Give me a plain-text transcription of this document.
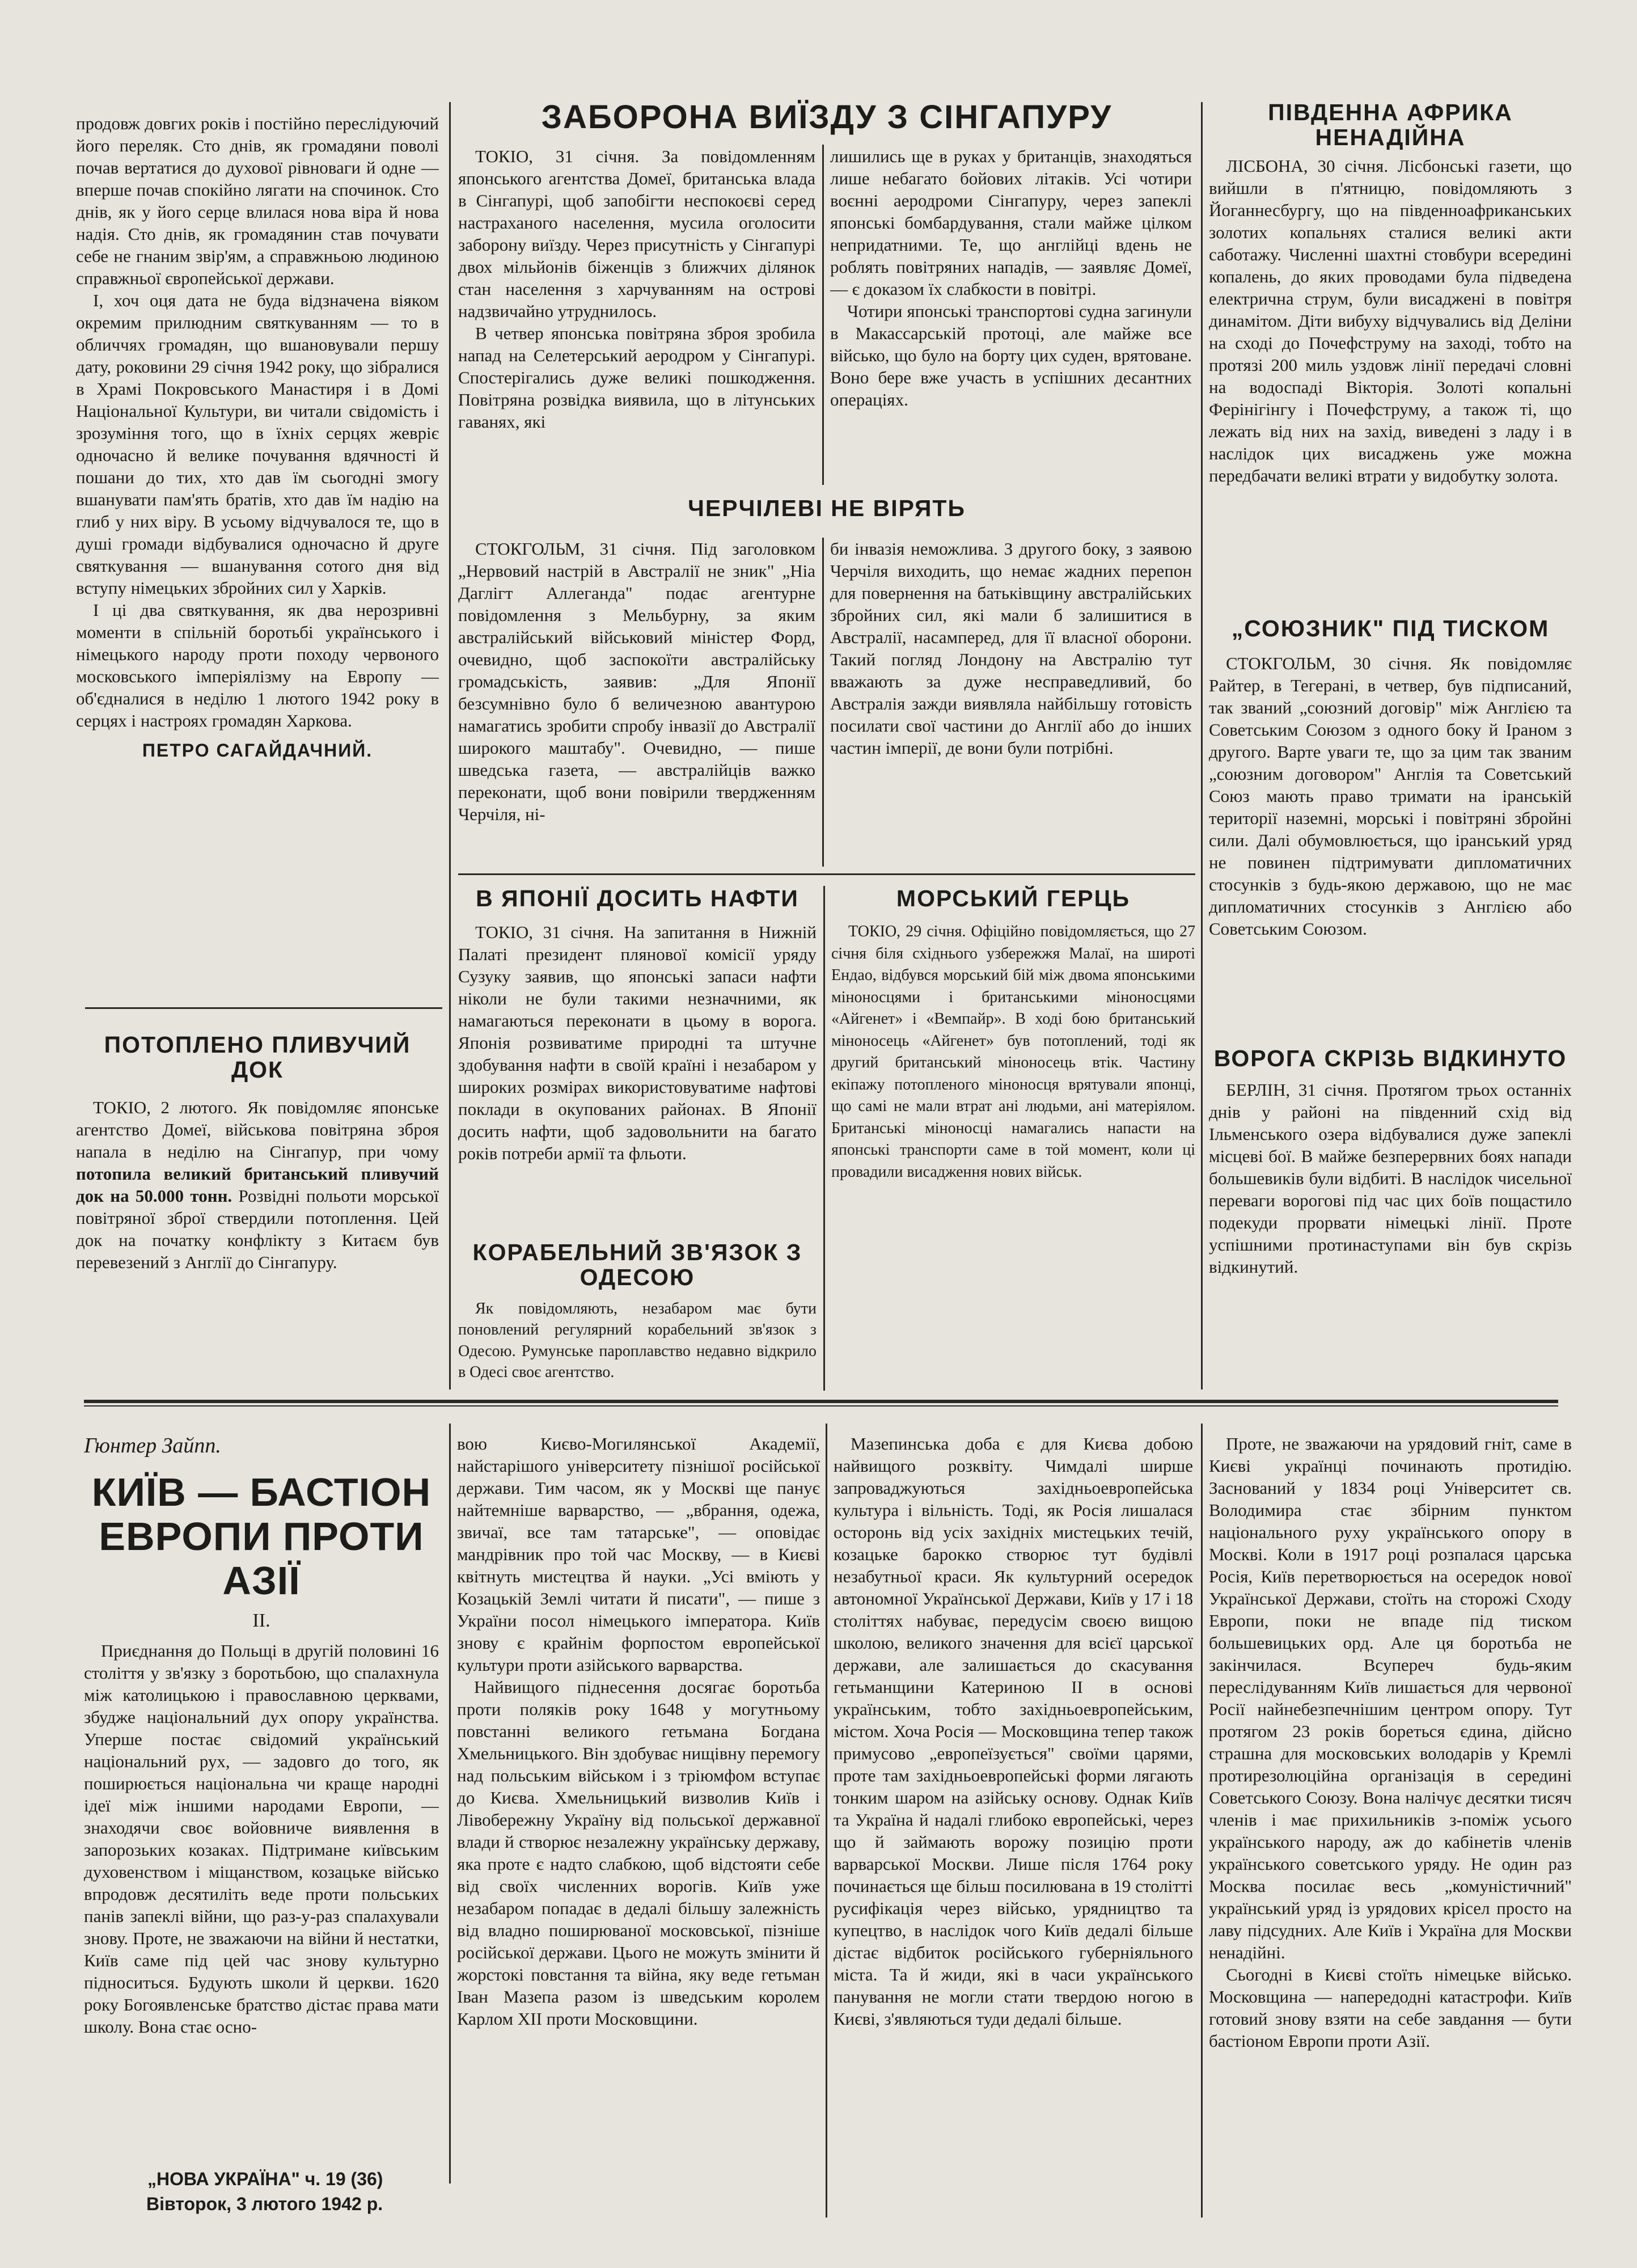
продовж довгих років і постійно переслідуючий його переляк. Сто днів, як громадяни поволі почав вертатися до духової рівноваги й одне — вперше почав спокійно лягати на спочинок. Сто днів, як у його серце влилася нова віра й нова надія. Сто днів, як громадянин став почувати себе не гнаним звір'ям, а справжньою людиною справжньої європейської держави.

І, хоч оця дата не буда відзначена віяком окремим прилюдним святкуванням — то в обличчях громадян, що вшановували першу дату, роковини 29 січня 1942 року, що зібралися в Храмі Покровського Манастиря і в Домі Національної Культури, ви читали свідомість і зрозуміння того, що в їхніх серцях жевріє одночасно й велике почування вдячності й пошани до тих, хто дав їм сьогодні змогу вшанувати пам'ять братів, хто дав їм надію на глиб у них віру. В усьому відчувалося те, що в душі громади відбувалися одночасно й друге святкування — вшанування сотого дня від вступу німецьких збройних сил у Харків.

І ці два святкування, як два нерозривні моменти в спільній боротьбі українського і німецького народу проти походу червоного московського імперіялізму на Европу — об'єдналися в неділю 1 лютого 1942 року в серцях і настроях громадян Харкова.

ПЕТРО САГАЙДАЧНИЙ.
ПОТОПЛЕНО ПЛИВУЧИЙ ДОК

ТОКІО, 2 лютого. Як повідомляє японське агентство Домеї, військова повітряна зброя напала в неділю на Сінгапур, при чому потопила великий британський пливучий док на 50.000 тонн. Розвідні польоти морської повітряної зброї ствердили потоплення. Цей док на початку конфлікту з Китаєм був перевезений з Англії до Сінгапуру.

ЗАБОРОНА ВИЇЗДУ З СІНГАПУРУ

ТОКІО, 31 січня. За повідомленням японського агентства Домеї, британська влада в Сінгапурі, щоб запобігти неспокоєві серед настраханого населення, мусила оголосити заборону виїзду. Через присутність у Сінгапурі двох мільйонів біженців з ближчих ділянок стан населення з харчуванням на острові надзвичайно утруднилось.

В четвер японська повітряна зброя зробила напад на Селетерський аеродром у Сінгапурі. Спостерігались дуже великі пошкодження. Повітряна розвідка виявила, що в літунських гаванях, які

лишились ще в руках у британців, знаходяться лише небагато бойових літаків. Усі чотири воєнні аеродроми Сінгапуру, через запеклі японські бомбардування, стали майже цілком непридатними. Те, що англійці вдень не роблять повітряних нападів, — заявляє Домеї, — є доказом їх слабкости в повітрі.

Чотири японські транспортові судна загинули в Макассарській протоці, але майже все військо, що було на борту цих суден, врятоване. Воно бере вже участь в успішних десантних операціях.

ЧЕРЧІЛЕВІ НЕ ВІРЯТЬ

СТОКГОЛЬМ, 31 січня. Під заголовком „Нервовий настрій в Австралії не зник" „Ніа Даглігт Аллеганда" подає агентурне повідомлення з Мельбурну, за яким австралійський військовий міністер Форд, очевидно, щоб заспокоїти австралійську громадськість, заявив: „Для Японії безсумнівно було б величезною авантурою намагатись зробити спробу інвазії до Австралії широкого маштабу". Очевидно, — пише шведська газета, — австралійців важко переконати, щоб вони повірили твердженням Черчіля, ні-

би інвазія неможлива. З другого боку, з заявою Черчіля виходить, що немає жадних перепон для повернення на батьківщину австралійських збройних сил, які мали б залишитися в Австралії, насамперед, для її власної оборони. Такий погляд Лондону на Австралію тут вважають за дуже несправедливий, бо Австралія зажди виявляла найбільшу готовість посилати свої частини до Англії або до інших частин імперії, де вони були потрібні.

В ЯПОНІЇ ДОСИТЬ НАФТИ

ТОКІО, 31 січня. На запитання в Нижній Палаті президент плянової комісії уряду Сузуку заявив, що японські запаси нафти ніколи не були такими незначними, як намагаються переконати в цьому в ворога. Японія розвиватиме природні та штучне здобування нафти в своїй країні і незабаром у широких розмірах використовуватиме нафтові поклади в окупованих районах. В Японії досить нафти, щоб задовольнити на багато років потреби армії та фльоти.

КОРАБЕЛЬНИЙ ЗВ'ЯЗОК З ОДЕСОЮ

Як повідомляють, незабаром має бути поновлений регулярний корабельний зв'язок з Одесою. Румунське пароплавство недавно відкрило в Одесі своє агентство.

МОРСЬКИЙ ГЕРЦЬ

ТОКІО, 29 січня. Офіційно повідомляється, що 27 січня біля східнього узбережжя Малаї, на широті Ендао, відбувся морський бій між двома японськими міноносцями і британськими міноносцями «Айгенет» і «Вемпайр». В ході бою британський міноносець «Айгенет» був потоплений, тоді як другий британський міноносець втік. Частину екіпажу потопленого міноносця врятували японці, що самі не мали втрат ані людьми, ані матеріялом. Британські міноносці намагались напасти на японські транспорти саме в той момент, коли ці провадили висадження нових військ.

ПІВДЕННА АФРИКА НЕНАДІЙНА

ЛІСБОНА, 30 січня. Лісбонські газети, що вийшли в п'ятницю, повідомляють з Йоганнесбургу, що на південноафриканських золотих копальнях сталися великі акти саботажу. Численні шахтні стовбури всередині копалень, до яких проводами була підведена електрична струм, були висаджені в повітря динамітом. Діти вибуху відчувались від Деліни на сході до Почефструму на заході, тобто на протязі 200 миль уздовж лінії передачі словні на водоспаді Вікторія. Золоті копальні Ферінігінгу і Почефструму, а також ті, що лежать від них на захід, виведені з ладу і в наслідок цих висаджень уже можна передбачати великі втрати у видобутку золота.

„СОЮЗНИК" ПІД ТИСКОМ

СТОКГОЛЬМ, 30 січня. Як повідомляє Райтер, в Тегерані, в четвер, був підписаний, так званий „союзний договір" між Англією та Советським Союзом з одного боку й Іраном з другого. Варте уваги те, що за цим так званим „союзним договором" Англія та Советський Союз мають право тримати на іранській території наземні, морські і повітряні збройні сили. Далі обумовлюється, що іранський уряд не повинен підтримувати дипломатичних стосунків з будь-якою державою, що не має дипломатичних стосунків з Англією або Советським Союзом.

ВОРОГА СКРІЗЬ ВІДКИНУТО

БЕРЛІН, 31 січня. Протягом трьох останніх днів у районі на південний схід від Ільменського озера відбувалися дуже запеклі місцеві бої. В майже безперервних боях напади большевиків були відбиті. В наслідок чисельної переваги ворогові під час цих боїв пощастило подекуди прорвати німецькі лінії. Проте успішними протинаступами він був скрізь відкинутий.

Гюнтер Зайпп.
КИЇВ — БАСТІОН ЕВРОПИ ПРОТИ АЗІЇ
II.

Приєднання до Польщі в другій половині 16 століття у зв'язку з боротьбою, що спалахнула між католицькою і православною церквами, збудже національний дух опору українства. Уперше постає свідомий український національний рух, — задовго до того, як поширюється національна чи краще народні ідеї між іншими народами Европи, — знаходячи своє войовниче виявлення в запорозьких козаках. Підтримане київським духовенством і міщанством, козацьке військо впродовж десятиліть веде проти польських панів запеклі війни, що раз-у-раз спалахували знову. Проте, не зважаючи на війни й нестатки, Київ саме під цей час знову культурно підноситься. Будують школи й церкви. 1620 року Богоявленське братство дістає права мати школу. Вона стає осно-

вою Києво-Могилянської Академії, найстарішого університету пізнішої російської держави. Тим часом, як у Москві ще панує найтемніше варварство, — „вбрання, одежа, звичаї, все там татарське", — оповідає мандрівник про той час Москву, — в Києві квітнуть мистецтва й науки. „Усі вміють у Козацькій Землі читати й писати", — пише з України посол німецького імператора. Київ знову є крайнім форпостом европейської культури проти азійського варварства.

Найвищого піднесення досягає боротьба проти поляків року 1648 у могутньому повстанні великого гетьмана Богдана Хмельницького. Він здобуває нищівну перемогу над польським військом і з тріюмфом вступає до Києва. Хмельницький визволив Київ і Лівобережну Україну від польської державної влади й створює незалежну українську державу, яка проте є надто слабкою, щоб відстояти себе від своїх численних ворогів. Київ уже незабаром попадає в дедалі більшу залежність від владно поширюваної московської, пізніше російської держави. Цього не можуть змінити й жорстокі повстання та війна, яку веде гетьман Іван Мазепа разом із шведським королем Карлом XII проти Московщини.

Мазепинська доба є для Києва добою найвищого розквіту. Чимдалі ширше запроваджуються західньоевропейська культура і вільність. Тоді, як Росія лишалася осторонь від усіх західніх мистецьких течій, козацьке барокко створює тут будівлі незабутньої краси. Як культурний осередок автономної Української Держави, Київ у 17 і 18 століттях набуває, передусім своєю вищою школою, великого значення для всієї царської держави, але залишається до скасування гетьманщини Катериною II в основі українським, тобто західньоевропейським, містом. Хоча Росія — Московщина тепер також примусово „европеїзується" своїми царями, проте там західньоевропейські форми лягають тонким шаром на азійську основу. Однак Київ та Україна й надалі глибоко европейські, через що й займають ворожу позицію проти варварської Москви. Лише після 1764 року починається ще більш посилювана в 19 столітті русифікація через військо, урядництво та купецтво, в наслідок чого Київ дедалі більше дістає відбиток російського губерніяльного міста. Та й жиди, які в часи українського панування не могли стати твердою ногою в Києві, з'являються туди дедалі більше.

Проте, не зважаючи на урядовий гніт, саме в Києві українці починають протидію. Заснований у 1834 році Університет св. Володимира стає збірним пунктом національного руху українського опору в Москві. Коли в 1917 році розпалася царська Росія, Київ перетворюється на осередок нової Української Держави, стоїть на сторожі Сходу Европи, поки не впаде під тиском большевицьких орд. Але ця боротьба не закінчилася. Всупереч будь-яким переслідуванням Київ лишається для червоної Росії найнебезпечнішим центром опору. Тут протягом 23 років бореться єдина, дійсно страшна для московських володарів у Кремлі протирезолюційна організація в середині Советського Союзу. Вона налічує десятки тисяч членів і має прихильників з-поміж усього українського народу, аж до кабінетів членів українського советського уряду. Не один раз Москва посилає весь „комуністичний" український уряд із урядових крісел просто на лаву підсудних. Але Київ і Україна для Москви ненадійні.

Сьогодні в Києві стоїть німецьке військо. Московщина — напередодні катастрофи. Київ готовий знову взяти на себе завдання — бути бастіоном Европи проти Азії.

„НОВА УКРАЇНА" ч. 19 (36)
Вівторок, 3 лютого 1942 р.
